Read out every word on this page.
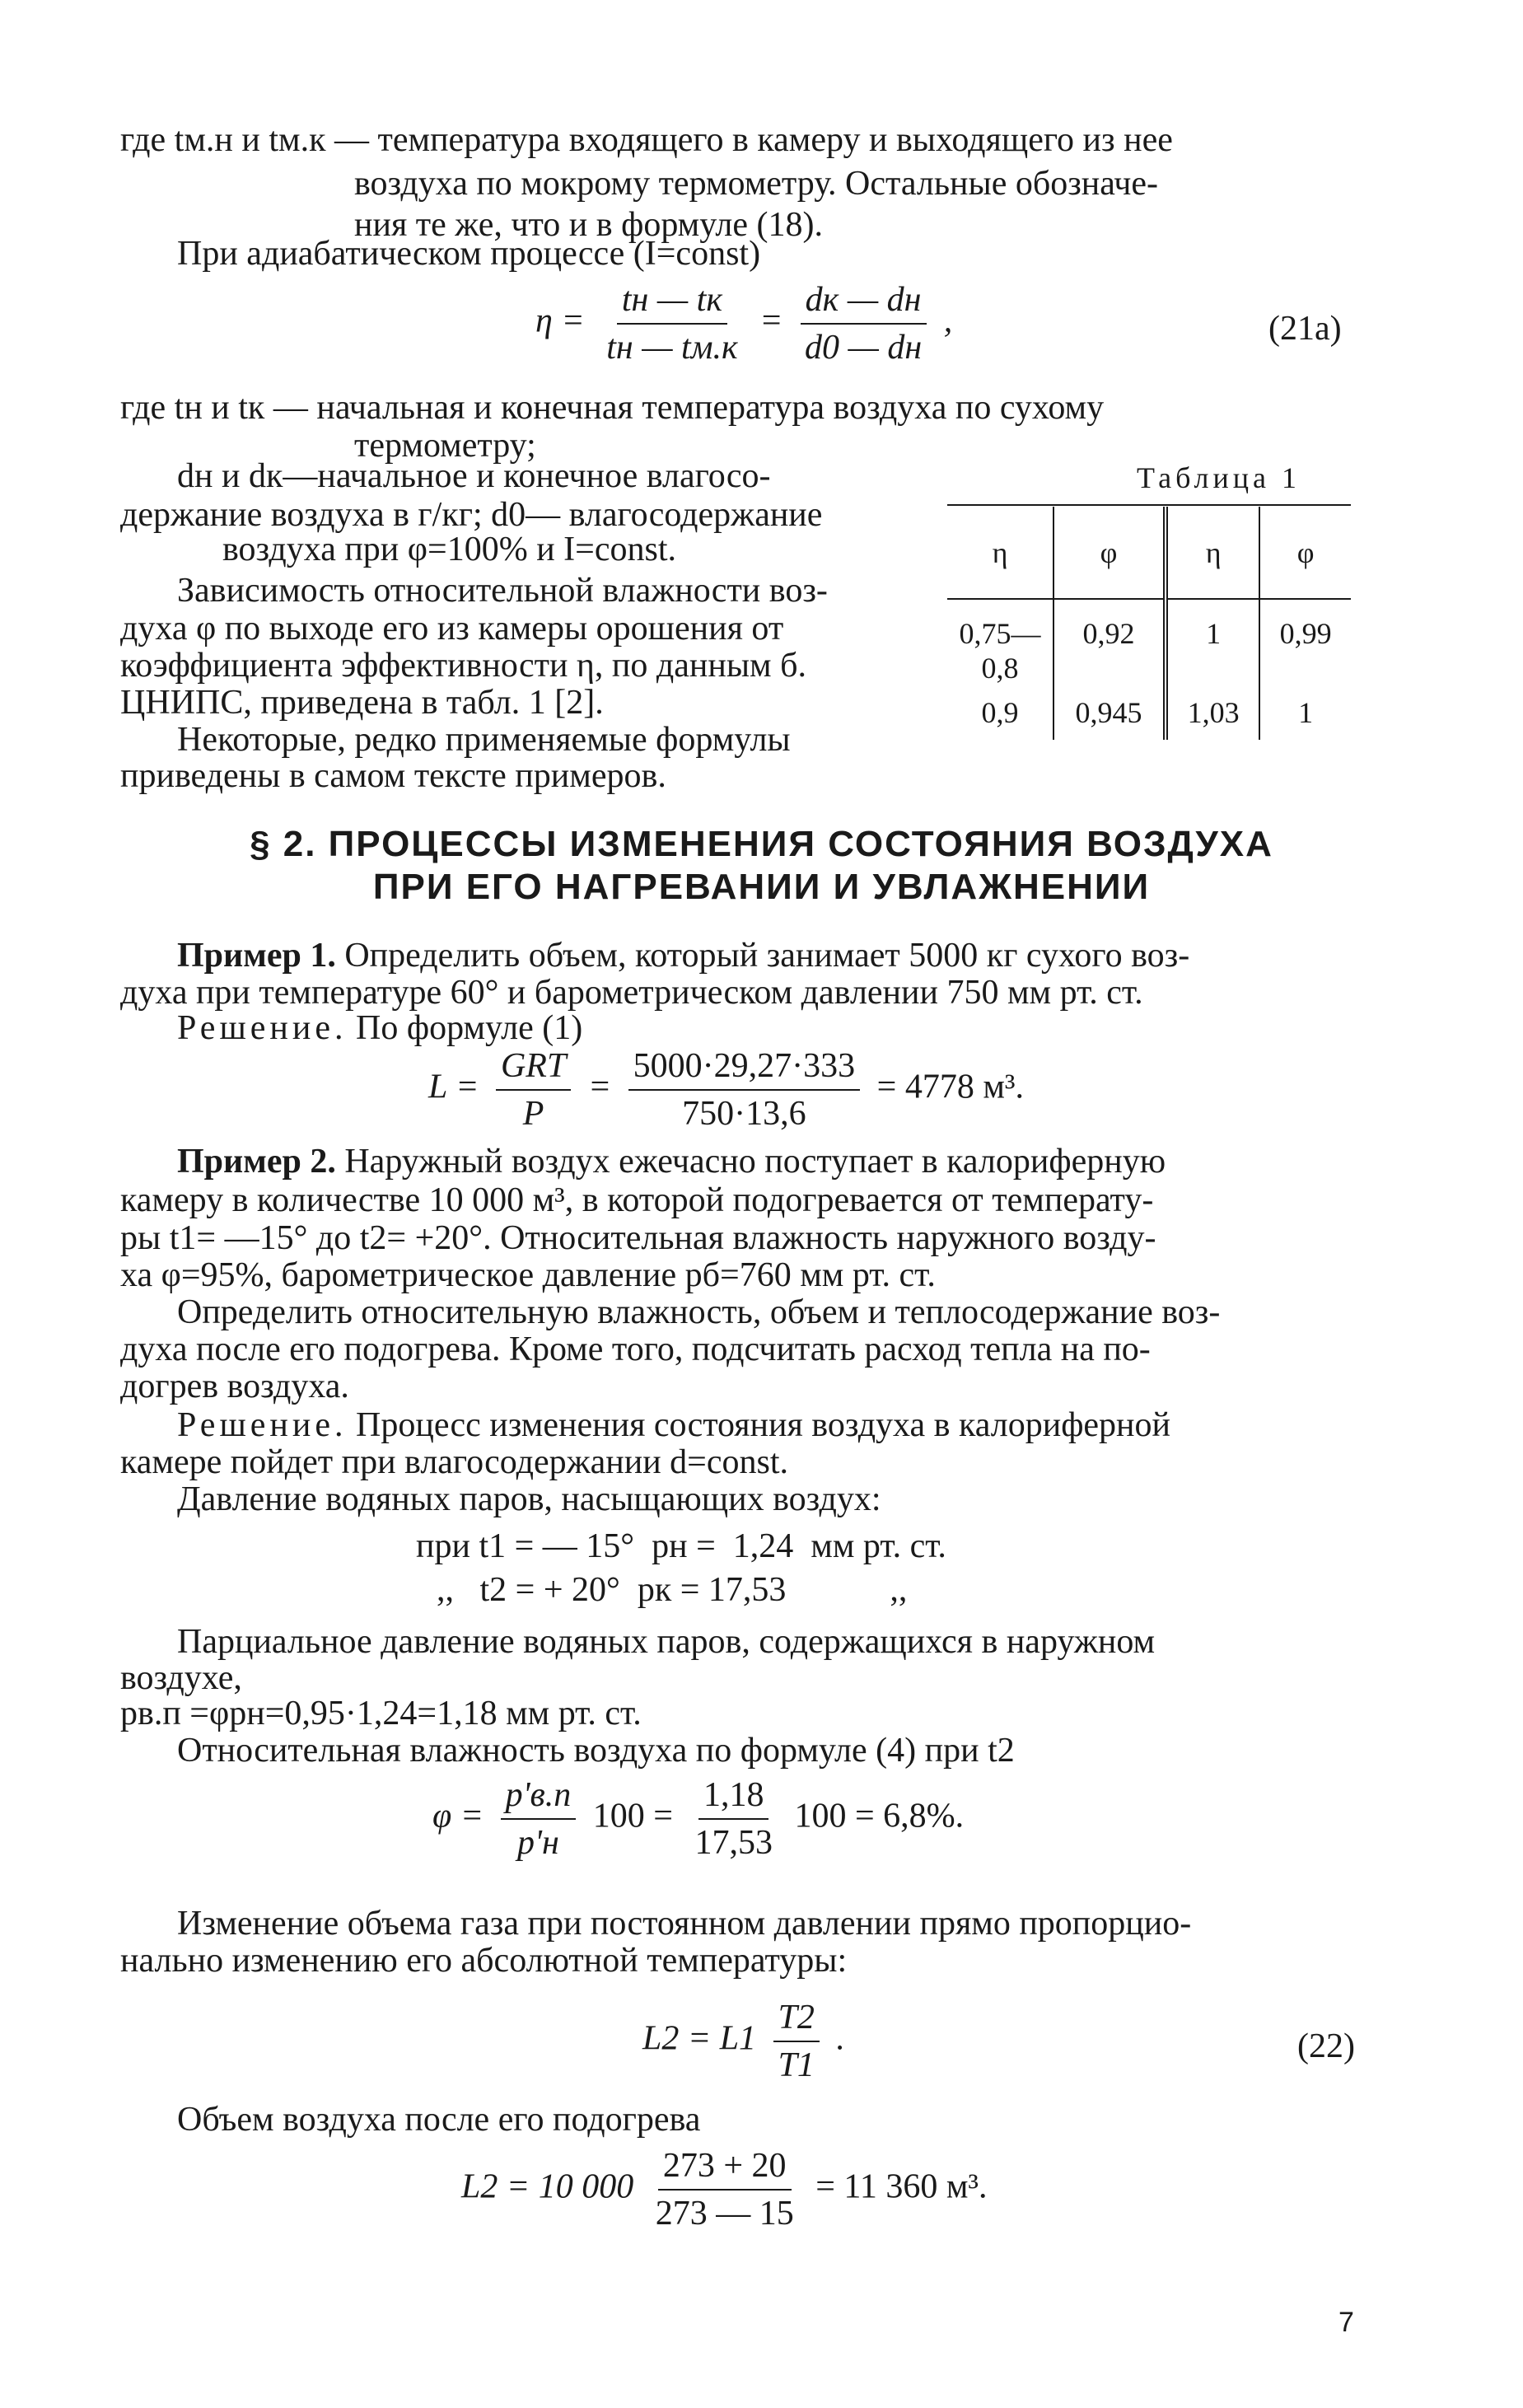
где tм.н и tм.к — температура входящего в камеру и выходящего из нее
воздуха по мокрому термометру. Остальные обозначе-
ния те же, что и в формуле (18).
При адиабатическом процессе (I=const)
$\eta = \frac{tн — tк}{tн — tм.к} = \frac{dк — dн}{d0 — dн}$ ,	(21а)
где tн и tк — начальная и конечная температура воздуха по сухому
термометру;
dн и dк—начальное и конечное влагосо-
держание воздуха в г/кг; d0— влагосодержание
воздуха при φ=100% и I=const.
Зависимость относительной влажности воз-
духа φ по выходе его из камеры орошения от
коэффициента эффективности η, по данным б.
ЦНИПС, приведена в табл. 1 [2].
Некоторые, редко применяемые формулы
приведены в самом тексте примеров.
Таблица 1
η	φ	η	φ
0,75—0,8	0,92	1	0,99
0,9	0,945	1,03	1
§ 2. ПРОЦЕССЫ ИЗМЕНЕНИЯ СОСТОЯНИЯ ВОЗДУХА
ПРИ ЕГО НАГРЕВАНИИ И УВЛАЖНЕНИИ
Пример 1. Определить объем, который занимает 5000 кг сухого воз-
духа при температуре 60° и барометрическом давлении 750 мм рт. ст.
Решение. По формуле (1)
$L = \frac{\text{GRT}}{P} = \frac{5000\cdot 29,27\cdot 333}{750\cdot 13,6} = 4778$ м³.
Пример 2. Наружный воздух ежечасно поступает в калориферную
камеру в количестве 10 000 м³, в которой подогревается от температу-
ры t1= —15° до t2= +20°. Относительная влажность наружного возду-
ха φ=95%, барометрическое давление pб=760 мм рт. ст.
Определить относительную влажность, объем и теплосодержание воз-
духа после его подогрева. Кроме того, подсчитать расход тепла на по-
догрев воздуха.
Решение. Процесс изменения состояния воздуха в калориферной
камере пойдет при влагосодержании d=const.
Давление водяных паров, насыщающих воздух:
при t1 = — 15°  pн =  1,24  мм рт. ст.
,,   t2 = + 20°  pк = 17,53            ,,
Парциальное давление водяных паров, содержащихся в наружном
воздухе,
pв.п =φpн=0,95·1,24=1,18 мм рт. ст.
Относительная влажность воздуха по формуле (4) при t2
$\varphi = \frac{p'в.п}{p'н} 100 = \frac{1,18}{17,53} 100 = 6,8\%$.
Изменение объема газа при постоянном давлении прямо пропорцио-
нально изменению его абсолютной температуры:
$L2 = L1 \frac{T2}{T1}$ .	(22)
Объем воздуха после его подогрева
L2 = 10 $000 \frac{273 + 20}{273 — 15} = 11$ 360 м³.
7
